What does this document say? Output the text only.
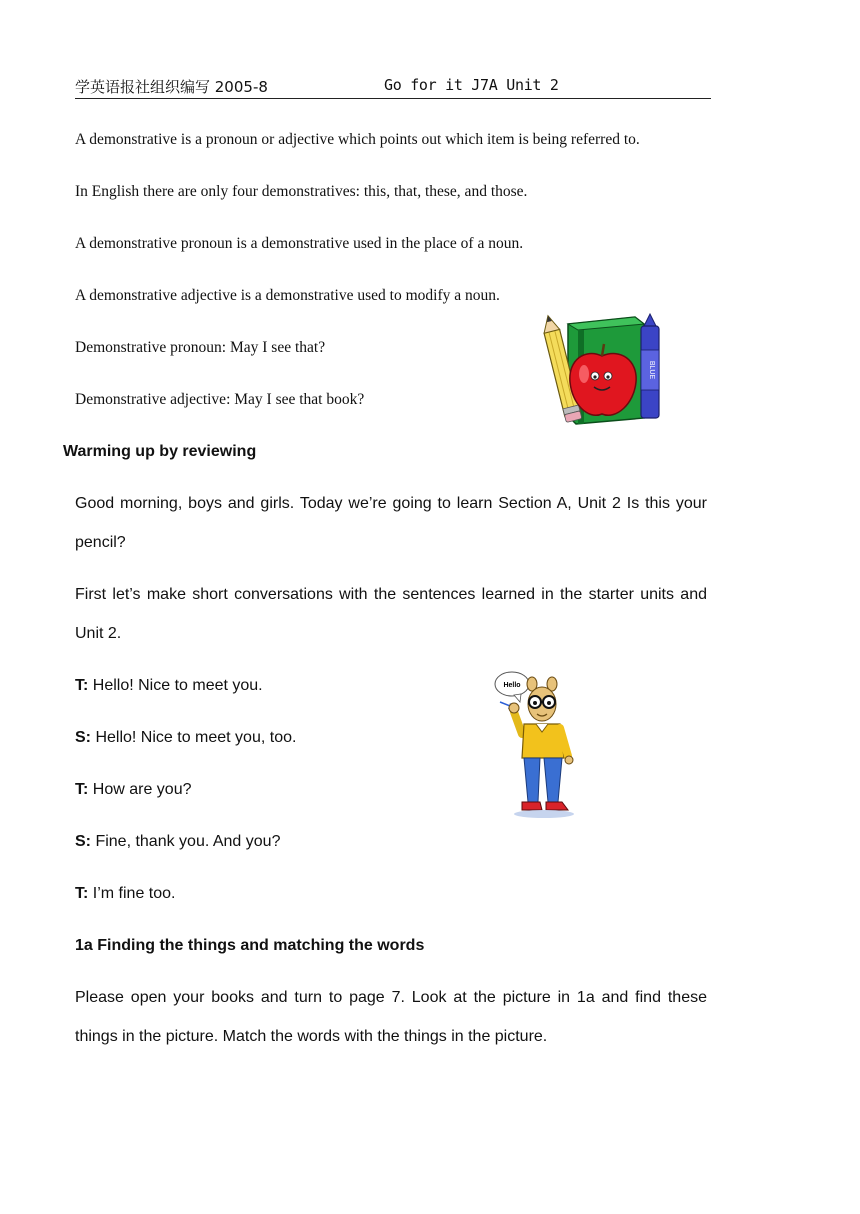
学英语报社组织编写 2005-8	Go for it J7A Unit 2
A demonstrative is a pronoun or adjective which points out which item is being referred to.
In English there are only four demonstratives: this, that, these, and those.
A demonstrative pronoun is a demonstrative used in the place of a noun.
A demonstrative adjective is a demonstrative used to modify a noun.
Demonstrative pronoun: May I see that?
Demonstrative adjective: May I see that book?
BLUE
Warming up by reviewing
Good morning, boys and girls. Today we’re going to learn Section A, Unit 2 Is this your pencil?
First let’s make short conversations with the sentences learned in the starter units and Unit 2.
T: Hello! Nice to meet you.
S: Hello! Nice to meet you, too.
T: How are you?
S: Fine, thank you. And you?
T: I’m fine too.
Hello
1a Finding the things and matching the words
Please open your books and turn to page 7. Look at the picture in 1a and find these things in the picture. Match the words with the things in the picture.
